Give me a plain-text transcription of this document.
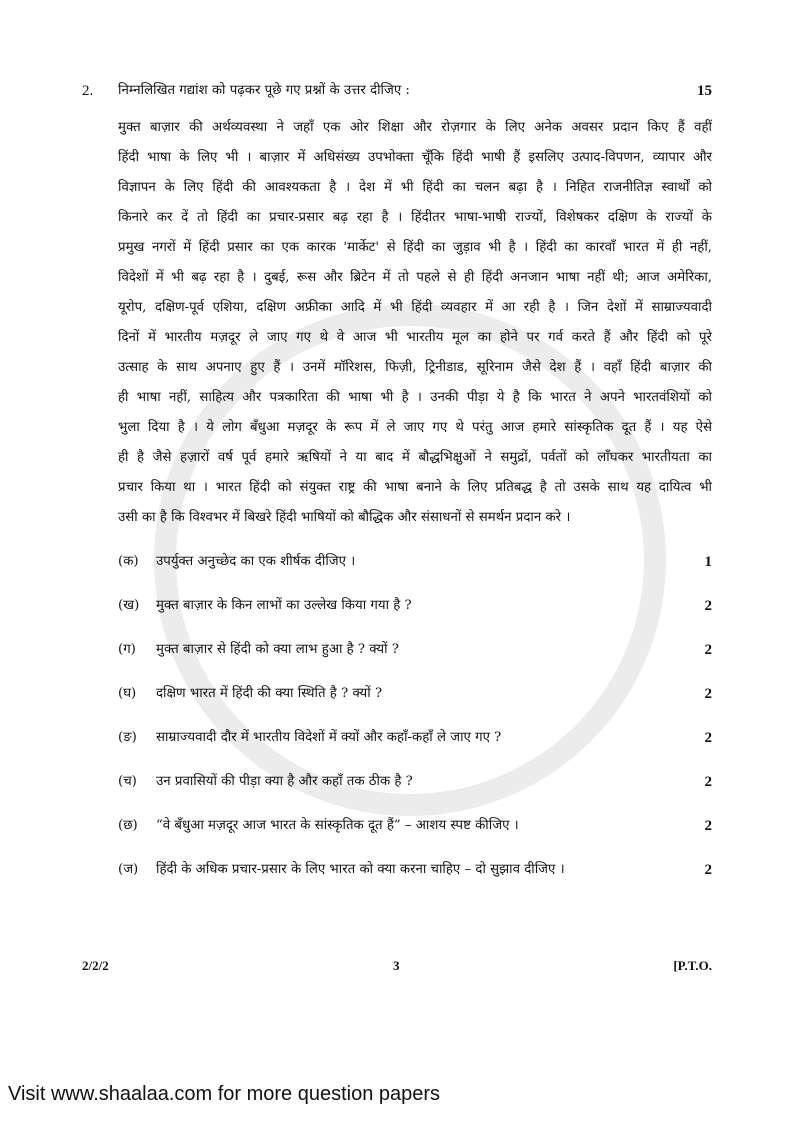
2. निम्नलिखित गद्यांश को पढ़कर पूछे गए प्रश्नों के उत्तर दीजिए :	15
मुक्त बाज़ार की अर्थव्यवस्था ने जहाँ एक ओर शिक्षा और रोज़गार के लिए अनेक अवसर प्रदान किए हैं वहीं
हिंदी भाषा के लिए भी । बाज़ार में अधिसंख्य उपभोक्ता चूँकि हिंदी भाषी हैं इसलिए उत्पाद-विपणन, व्यापार और
विज्ञापन के लिए हिंदी की आवश्यकता है । देश में भी हिंदी का चलन बढ़ा है । निहित राजनीतिज्ञ स्वार्थों को
किनारे कर दें तो हिंदी का प्रचार-प्रसार बढ़ रहा है । हिंदीतर भाषा-भाषी राज्यों, विशेषकर दक्षिण के राज्यों के
प्रमुख नगरों में हिंदी प्रसार का एक कारक 'मार्केट' से हिंदी का जुड़ाव भी है । हिंदी का कारवाँ भारत में ही नहीं,
विदेशों में भी बढ़ रहा है । दुबई, रूस और ब्रिटेन में तो पहले से ही हिंदी अनजान भाषा नहीं थी; आज अमेरिका,
यूरोप, दक्षिण-पूर्व एशिया, दक्षिण अफ्रीका आदि में भी हिंदी व्यवहार में आ रही है । जिन देशों में साम्राज्यवादी
दिनों में भारतीय मज़दूर ले जाए गए थे वे आज भी भारतीय मूल का होने पर गर्व करते हैं और हिंदी को पूरे
उत्साह के साथ अपनाए हुए हैं । उनमें मॉरिशस, फिज़ी, ट्रिनीडाड, सूरिनाम जैसे देश हैं । वहाँ हिंदी बाज़ार की
ही भाषा नहीं, साहित्य और पत्रकारिता की भाषा भी है । उनकी पीड़ा ये है कि भारत ने अपने भारतवंशियों को
भुला दिया है । ये लोग बँधुआ मज़दूर के रूप में ले जाए गए थे परंतु आज हमारे सांस्कृतिक दूत हैं । यह ऐसे
ही है जैसे हज़ारों वर्ष पूर्व हमारे ऋषियों ने या बाद में बौद्धभिक्षुओं ने समुद्रों, पर्वतों को लाँघकर भारतीयता का
प्रचार किया था । भारत हिंदी को संयुक्त राष्ट्र की भाषा बनाने के लिए प्रतिबद्ध है तो उसके साथ यह दायित्व भी
उसी का है कि विश्वभर में बिखरे हिंदी भाषियों को बौद्धिक और संसाधनों से समर्थन प्रदान करे ।
(क) उपर्युक्त अनुच्छेद का एक शीर्षक दीजिए ।	1
(ख) मुक्त बाज़ार के किन लाभों का उल्लेख किया गया है ?	2
(ग) मुक्त बाज़ार से हिंदी को क्या लाभ हुआ है ? क्यों ?	2
(घ) दक्षिण भारत में हिंदी की क्या स्थिति है ? क्यों ?	2
(ङ) साम्राज्यवादी दौर में भारतीय विदेशों में क्यों और कहाँ-कहाँ ले जाए गए ?	2
(च) उन प्रवासियों की पीड़ा क्या है और कहाँ तक ठीक है ?	2
(छ) “वे बँधुआ मज़दूर आज भारत के सांस्कृतिक दूत हैं” – आशय स्पष्ट कीजिए ।	2
(ज) हिंदी के अधिक प्रचार-प्रसार के लिए भारत को क्या करना चाहिए – दो सुझाव दीजिए ।	2
2/2/2	3	[P.T.O.
Visit www.shaalaa.com for more question papers
